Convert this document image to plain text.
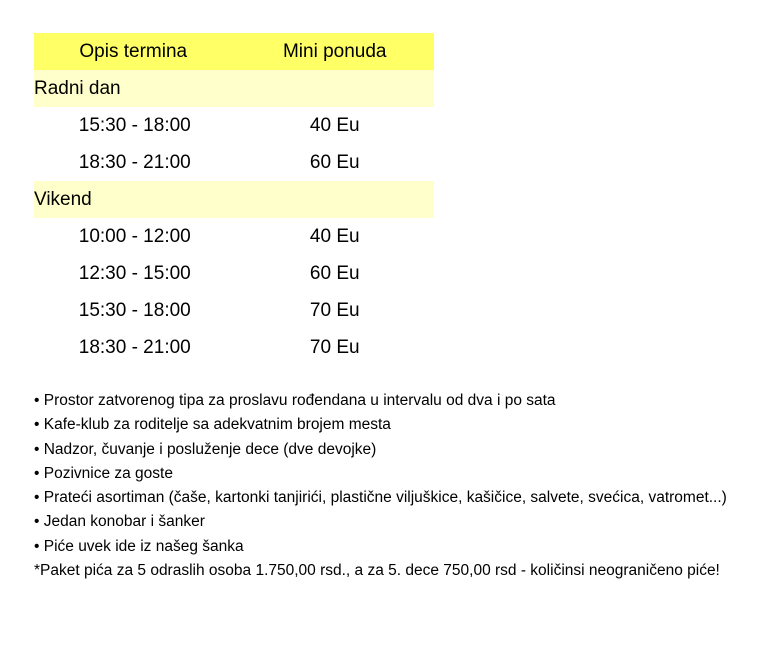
Opis termina	Mini ponuda
Radni dan	
15:30 - 18:00	40 Eu
18:30 - 21:00	60 Eu
Vikend	
10:00 - 12:00	40 Eu
12:30 - 15:00	60 Eu
15:30 - 18:00	70 Eu
18:30 - 21:00	70 Eu
• Prostor zatvorenog tipa za proslavu rođendana u intervalu od dva i po sata
• Kafe-klub za roditelje sa adekvatnim brojem mesta
• Nadzor, čuvanje i posluženje dece (dve devojke)
• Pozivnice za goste
• Prateći asortiman (čaše, kartonki tanjirići, plastične viljuškice, kašičice, salvete, svećica, vatromet...)
• Jedan konobar i šanker
• Piće uvek ide iz našeg šanka
*Paket pića za 5 odraslih osoba 1.750,00 rsd., a za 5. dece 750,00 rsd - količinsi neograničeno piće!
